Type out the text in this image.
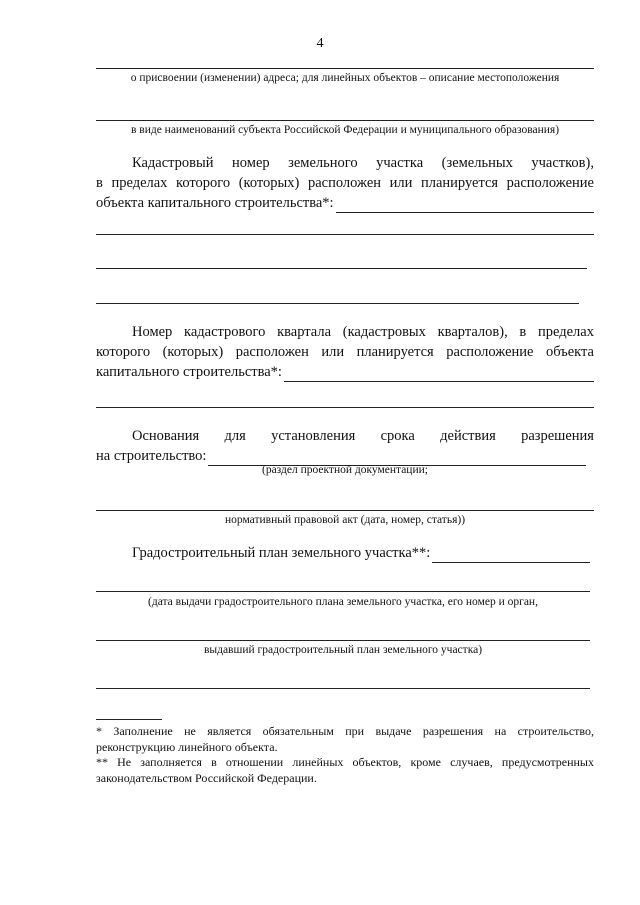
4
о присвоении (изменении) адреса; для линейных объектов – описание местоположения
в виде наименований субъекта Российской Федерации и муниципального образования)
Кадастровый номер земельного участка (земельных участков),
в пределах которого (которых) расположен или планируется расположение
объекта капитального строительства*:
Номер кадастрового квартала (кадастровых кварталов), в пределах
которого (которых) расположен или планируется расположение объекта
капитального строительства*:
Основания для установления срока действия разрешения
на строительство:
(раздел проектной документации;
нормативный правовой акт (дата, номер, статья))
Градостроительный план земельного участка**:
(дата выдачи градостроительного плана земельного участка, его номер и орган,
выдавший градостроительный план земельного участка)
* Заполнение не является обязательным при выдаче разрешения на строительство, реконструкцию линейного объекта.
** Не заполняется в отношении линейных объектов, кроме случаев, предусмотренных законодательством Российской Федерации.
